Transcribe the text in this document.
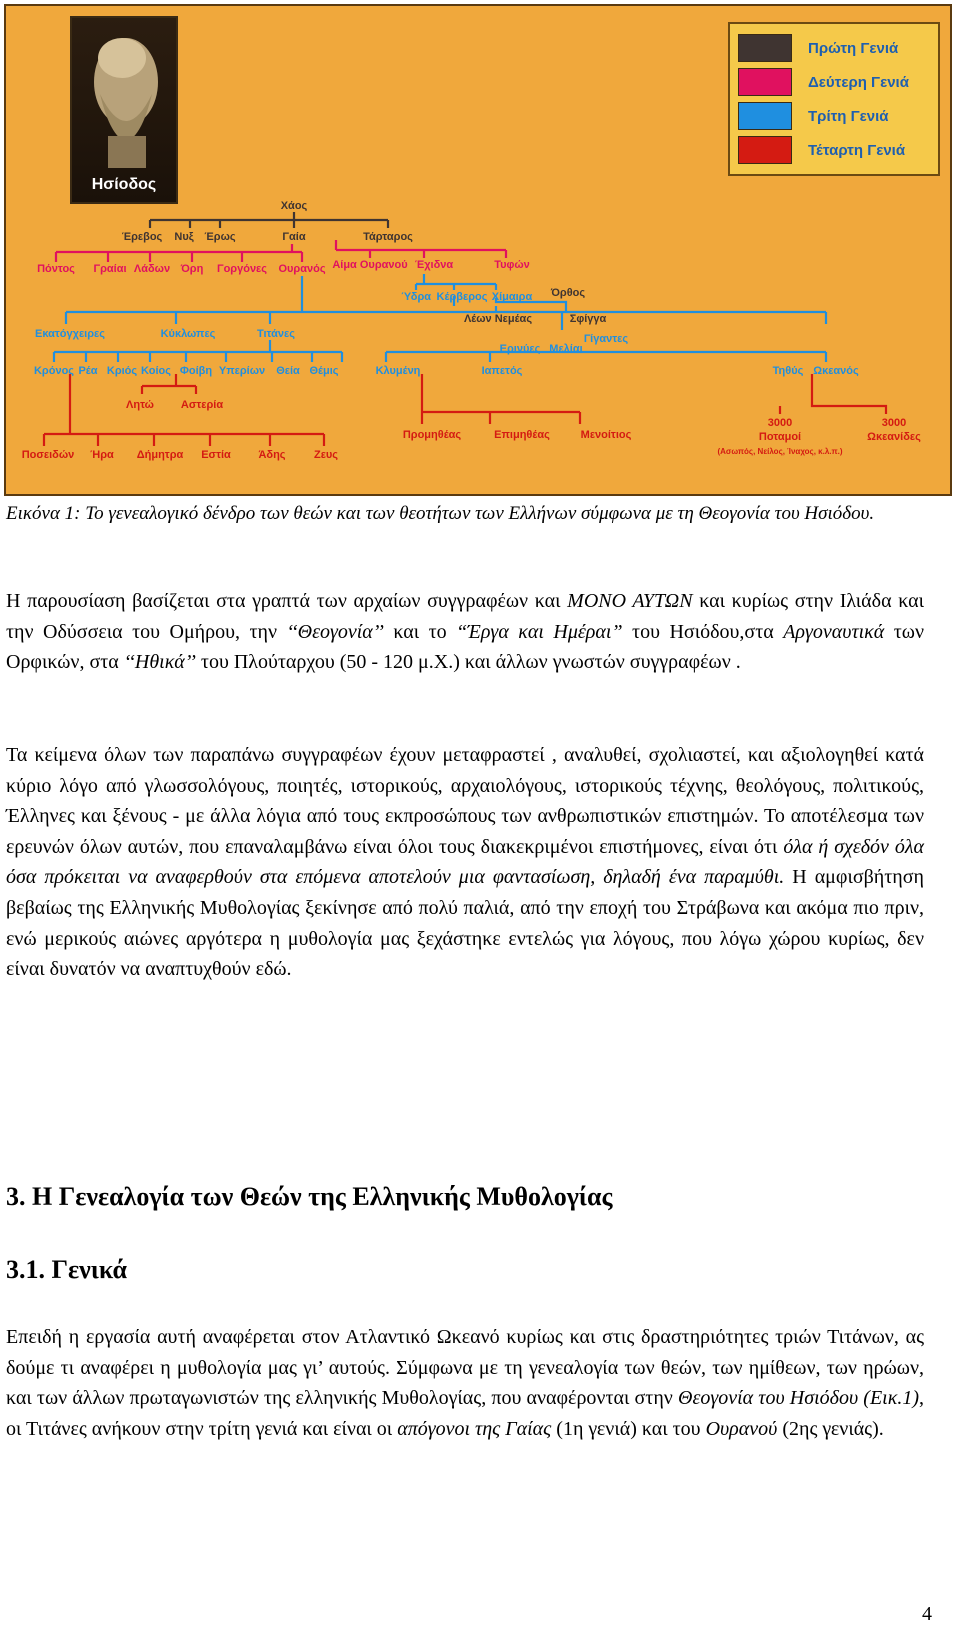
Χάος
Έρεβος Νυξ Έρως	Γαία	Τάρταρος
Πόντος Γραίαι Λάδων Όρη Γοργόνες Ουρανός Αίμα Ουρανού Έχιδνα	Τυφών
Ύδρα Κέρβερος Χίμαιρα Όρθος
Λέων Νεμέας	Σφίγγα
Γίγαντες
Ερινύες Μελίαι
Εκατόγχειρες	Κύκλωπες	Τιτάνες
Κρόνος Ρέα Κριός Κοίος Φοίβη Υπερίων Θεία Θέμις	Κλυμένη	Ιαπετός	Τηθύς Ωκεανός
Λητώ Αστερία
Ποσειδών Ήρα Δήμητρα Εστία	Άδης	Ζευς
Προμηθέας	Επιμηθέας	Μενοίτιος
3000
Ποταμοί
3000
Ωκεανίδες
(Ασωπός, Νείλος, Ίναχος, κ.λ.π.)
Ησίοδος
Πρώτη Γενιά
Δεύτερη Γενιά
Τρίτη Γενιά
Τέταρτη Γενιά
Εικόνα 1: Το γενεαλογικό δένδρο των θεών και των θεοτήτων των Ελλήνων σύμφωνα με τη Θεογονία του Ησιόδου.
Η παρουσίαση βασίζεται στα γραπτά των αρχαίων συγγραφέων και ΜΟΝΟ ΑΥΤΩΝ και κυρίως στην Ιλιάδα και την Οδύσσεια του Ομήρου, την ‘‘Θεογονία’’ και το “Έργα και Ημέραι” του Ησιόδου,στα Αργοναυτικά των Ορφικών, στα ‘‘Ηθικά’’ του Πλούταρχου (50 - 120 μ.Χ.) και άλλων γνωστών συγγραφέων .
Τα κείμενα όλων των παραπάνω συγγραφέων έχουν μεταφραστεί , αναλυθεί, σχολιαστεί, και αξιολογηθεί κατά κύριο λόγο από γλωσσολόγους, ποιητές, ιστορικούς, αρχαιολόγους, ιστορικούς τέχνης, θεολόγους, πολιτικούς, Έλληνες και ξένους - με άλλα λόγια από τους εκπροσώπους των ανθρωπιστικών επιστημών. Το αποτέλεσμα των ερευνών όλων αυτών, που επαναλαμβάνω είναι όλοι τους διακεκριμένοι επιστήμονες, είναι ότι όλα ή σχεδόν όλα όσα πρόκειται να αναφερθούν στα επόμενα αποτελούν μια φαντασίωση, δηλαδή ένα παραμύθι. Η αμφισβήτηση βεβαίως της Ελληνικής Μυθολογίας ξεκίνησε από πολύ παλιά, από την εποχή του Στράβωνα και ακόμα πιο πριν, ενώ μερικούς αιώνες αργότερα η μυθολογία μας ξεχάστηκε εντελώς για λόγους, που λόγω χώρου κυρίως, δεν είναι δυνατόν να αναπτυχθούν εδώ.
3. Η Γενεαλογία των Θεών της Ελληνικής Μυθολογίας
3.1. Γενικά
Επειδή η εργασία αυτή αναφέρεται στον Ατλαντικό Ωκεανό κυρίως και στις δραστηριότητες τριών Τιτάνων, ας δούμε τι αναφέρει η μυθολογία μας γι’ αυτούς. Σύμφωνα με τη γενεαλογία των θεών, των ημίθεων, των ηρώων, και των άλλων πρωταγωνιστών της ελληνικής Μυθολογίας, που αναφέρονται στην Θεογονία του Ησιόδου (Εικ.1), οι Τιτάνες ανήκουν στην τρίτη γενιά και είναι οι απόγονοι της Γαίας (1η γενιά) και του Ουρανού (2ης γενιάς).
4
